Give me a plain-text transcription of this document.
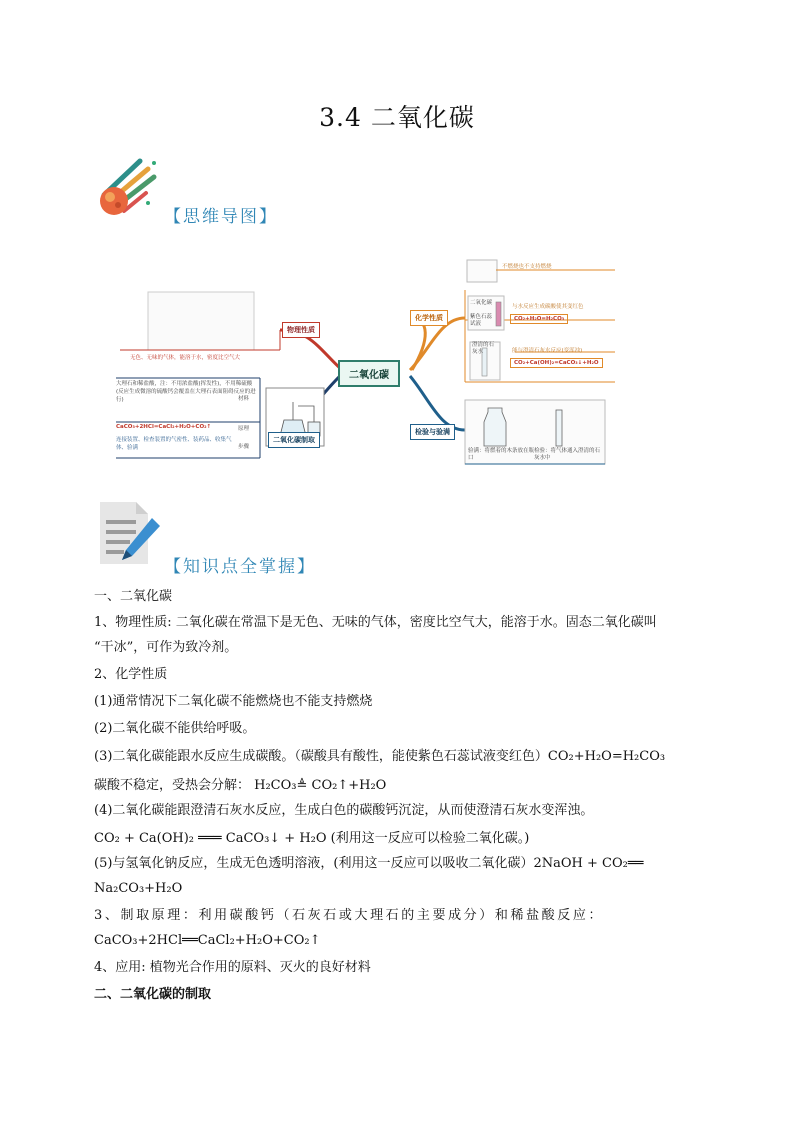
3.4 二氧化碳
【思维导图】
物理性质
无色、无味的气体，能溶于水，密度比空气大
二氧化碳
大理石和稀盐酸，注：不用浓盐酸(挥发性)，不用稀硫酸(反应生成微溶的硫酸钙会覆盖在大理石表面阻碍反应的进行)	材料
CaCO₃+2HCl=CaCl₂+H₂O+CO₂↑	原理
连接装置、检查装置的气密性、装药品、收集气体、验满	步骤
二氧化碳制取
化学性质
不燃烧也不支持燃烧
二氧化碳
紫色石蕊试液
与水反应生成碳酸使其变红色
CO₂+H₂O=H₂CO₃
澄清的石灰水	能与澄清石灰水反应(变浑浊)
CO₂+Ca(OH)₂=CaCO₃↓+H₂O
检验与验满
验满：将燃着的木条放在瓶口
检验：将气体通入澄清的石灰水中
【知识点全掌握】

一、二氧化碳

1、物理性质: 二氧化碳在常温下是无色、无味的气体，密度比空气大，能溶于水。固态二氧化碳叫

“干冰”，可作为致冷剂。

2、化学性质

(1)通常情况下二氧化碳不能燃烧也不能支持燃烧

(2)二氧化碳不能供给呼吸。

(3)二氧化碳能跟水反应生成碳酸。（碳酸具有酸性，能使紫色石蕊试液变红色）CO₂+H₂O=H₂CO₃

碳酸不稳定，受热会分解： H₂CO₃≜ CO₂↑+H₂O

(4)二氧化碳能跟澄清石灰水反应，生成白色的碳酸钙沉淀，从而使澄清石灰水变浑浊。

CO₂ + Ca(OH)₂ ═══ CaCO₃↓ + H₂O (利用这一反应可以检验二氧化碳。)

(5)与氢氧化钠反应，生成无色透明溶液，(利用这一反应可以吸收二氧化碳）2NaOH + CO₂══

Na₂CO₃+H₂O

3、制取原理：利用碳酸钙（石灰石或大理石的主要成分）和稀盐酸反应：

CaCO₃+2HCl══CaCl₂+H₂O+CO₂↑

4、应用: 植物光合作用的原料、灭火的良好材料

二、二氧化碳的制取
